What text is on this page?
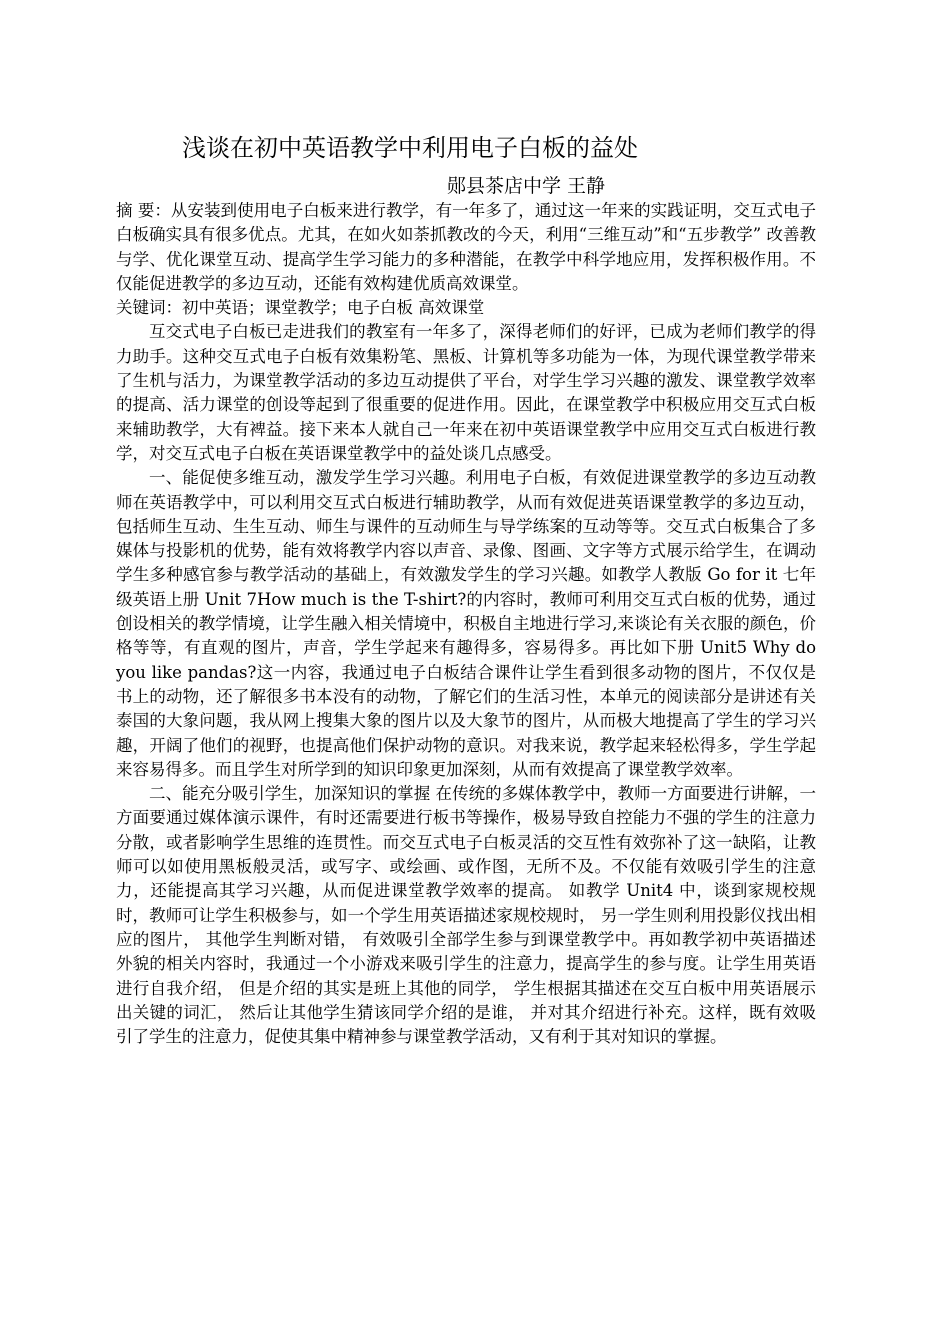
浅谈在初中英语教学中利用电子白板的益处
郧县茶店中学 王静

摘 要：从安装到使用电子白板来进行教学，有一年多了，通过这一年来的实践证明，交互式电子白板确实具有很多优点。尤其，在如火如荼抓教改的今天，利用“三维互动”和“五步教学” 改善教与学、优化课堂互动、提高学生学习能力的多种潜能，在教学中科学地应用，发挥积极作用。不仅能促进教学的多边互动，还能有效构建优质高效课堂。

关键词：初中英语；课堂教学；电子白板 高效课堂

互交式电子白板已走进我们的教室有一年多了，深得老师们的好评，已成为老师们教学的得力助手。这种交互式电子白板有效集粉笔、黑板、计算机等多功能为一体，为现代课堂教学带来了生机与活力，为课堂教学活动的多边互动提供了平台，对学生学习兴趣的激发、课堂教学效率的提高、活力课堂的创设等起到了很重要的促进作用。因此，在课堂教学中积极应用交互式白板来辅助教学，大有裨益。接下来本人就自己一年来在初中英语课堂教学中应用交互式白板进行教学，对交互式电子白板在英语课堂教学中的益处谈几点感受。

一、能促使多维互动，激发学生学习兴趣。利用电子白板，有效促进课堂教学的多边互动教师在英语教学中，可以利用交互式白板进行辅助教学，从而有效促进英语课堂教学的多边互动，包括师生互动、生生互动、师生与课件的互动师生与导学练案的互动等等。交互式白板集合了多媒体与投影机的优势，能有效将教学内容以声音、录像、图画、文字等方式展示给学生，在调动学生多种感官参与教学活动的基础上，有效激发学生的学习兴趣。如教学人教版 Go for it 七年级英语上册 Unit 7How much is the T-shirt?的内容时，教师可利用交互式白板的优势，通过创设相关的教学情境，让学生融入相关情境中，积极自主地进行学习,来谈论有关衣服的颜色，价格等等，有直观的图片，声音，学生学起来有趣得多，容易得多。再比如下册 Unit5 Why do you like pandas?这一内容，我通过电子白板结合课件让学生看到很多动物的图片，不仅仅是书上的动物，还了解很多书本没有的动物，了解它们的生活习性，本单元的阅读部分是讲述有关泰国的大象问题，我从网上搜集大象的图片以及大象节的图片，从而极大地提高了学生的学习兴趣，开阔了他们的视野，也提高他们保护动物的意识。对我来说，教学起来轻松得多，学生学起来容易得多。而且学生对所学到的知识印象更加深刻，从而有效提高了课堂教学效率。

二、能充分吸引学生，加深知识的掌握 在传统的多媒体教学中，教师一方面要进行讲解，一方面要通过媒体演示课件，有时还需要进行板书等操作，极易导致自控能力不强的学生的注意力分散，或者影响学生思维的连贯性。而交互式电子白板灵活的交互性有效弥补了这一缺陷，让教师可以如使用黑板般灵活，或写字、或绘画、或作图，无所不及。不仅能有效吸引学生的注意力，还能提高其学习兴趣，从而促进课堂教学效率的提高。 如教学 Unit4 中，谈到家规校规时，教师可让学生积极参与，如一个学生用英语描述家规校规时， 另一学生则利用投影仪找出相应的图片， 其他学生判断对错， 有效吸引全部学生参与到课堂教学中。再如教学初中英语描述外貌的相关内容时，我通过一个小游戏来吸引学生的注意力，提高学生的参与度。让学生用英语进行自我介绍， 但是介绍的其实是班上其他的同学， 学生根据其描述在交互白板中用英语展示出关键的词汇， 然后让其他学生猜该同学介绍的是谁， 并对其介绍进行补充。这样，既有效吸引了学生的注意力，促使其集中精神参与课堂教学活动，又有利于其对知识的掌握。
